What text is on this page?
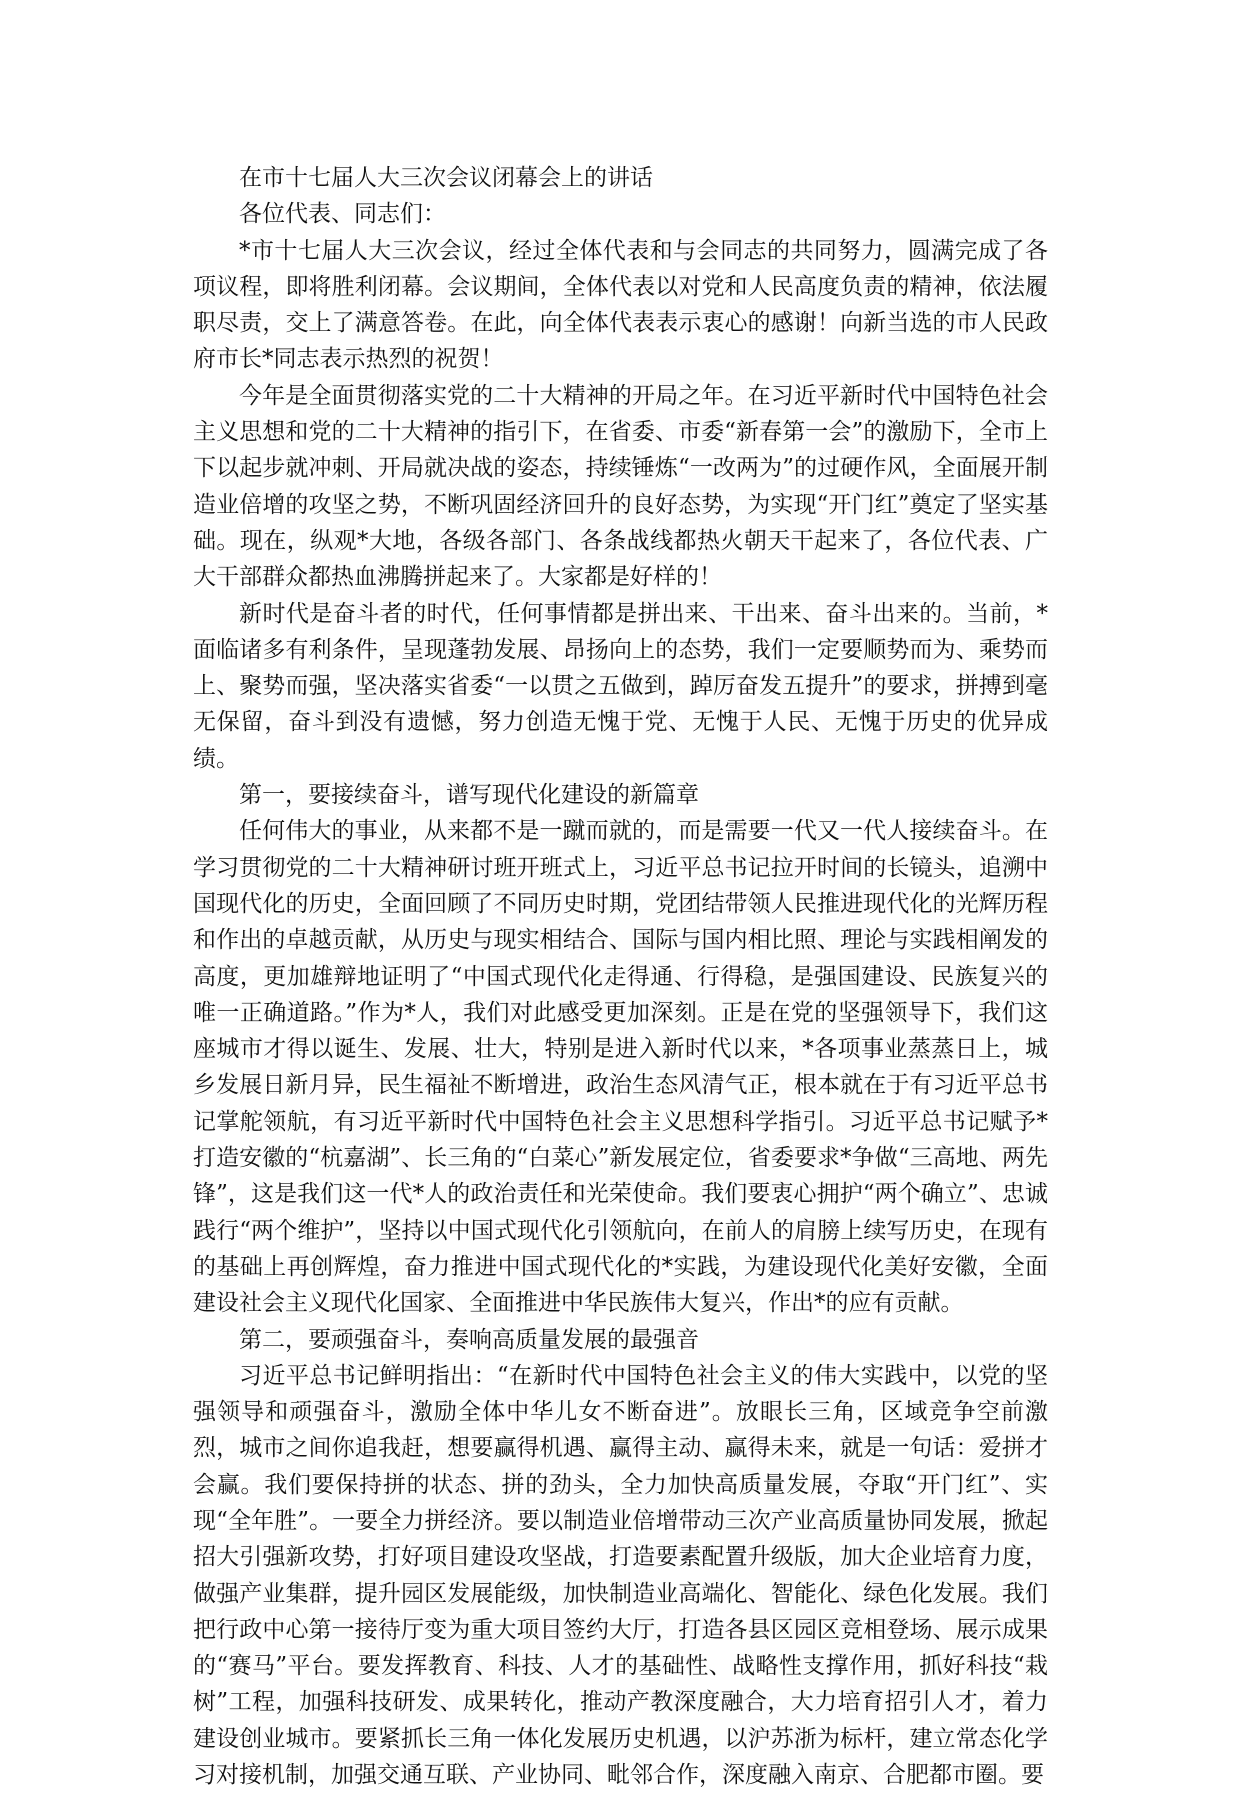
在市十七届人大三次会议闭幕会上的讲话

各位代表、同志们：

*市十七届人大三次会议，经过全体代表和与会同志的共同努力，圆满完成了各项议程，即将胜利闭幕。会议期间，全体代表以对党和人民高度负责的精神，依法履职尽责，交上了满意答卷。在此，向全体代表表示衷心的感谢！向新当选的市人民政府市长*同志表示热烈的祝贺！

今年是全面贯彻落实党的二十大精神的开局之年。在习近平新时代中国特色社会主义思想和党的二十大精神的指引下，在省委、市委“新春第一会”的激励下，全市上下以起步就冲刺、开局就决战的姿态，持续锤炼“一改两为”的过硬作风，全面展开制造业倍增的攻坚之势，不断巩固经济回升的良好态势，为实现“开门红”奠定了坚实基础。现在，纵观*大地，各级各部门、各条战线都热火朝天干起来了，各位代表、广大干部群众都热血沸腾拼起来了。大家都是好样的！

新时代是奋斗者的时代，任何事情都是拼出来、干出来、奋斗出来的。当前，*面临诸多有利条件，呈现蓬勃发展、昂扬向上的态势，我们一定要顺势而为、乘势而上、聚势而强，坚决落实省委“一以贯之五做到，踔厉奋发五提升”的要求，拼搏到毫无保留，奋斗到没有遗憾，努力创造无愧于党、无愧于人民、无愧于历史的优异成绩。

第一，要接续奋斗，谱写现代化建设的新篇章

任何伟大的事业，从来都不是一蹴而就的，而是需要一代又一代人接续奋斗。在学习贯彻党的二十大精神研讨班开班式上，习近平总书记拉开时间的长镜头，追溯中国现代化的历史，全面回顾了不同历史时期，党团结带领人民推进现代化的光辉历程和作出的卓越贡献，从历史与现实相结合、国际与国内相比照、理论与实践相阐发的高度，更加雄辩地证明了“中国式现代化走得通、行得稳，是强国建设、民族复兴的唯一正确道路。”作为*人，我们对此感受更加深刻。正是在党的坚强领导下，我们这座城市才得以诞生、发展、壮大，特别是进入新时代以来，*各项事业蒸蒸日上，城乡发展日新月异，民生福祉不断增进，政治生态风清气正，根本就在于有习近平总书记掌舵领航，有习近平新时代中国特色社会主义思想科学指引。习近平总书记赋予*打造安徽的“杭嘉湖”、长三角的“白菜心”新发展定位，省委要求*争做“三高地、两先锋”，这是我们这一代*人的政治责任和光荣使命。我们要衷心拥护“两个确立”、忠诚践行“两个维护”，坚持以中国式现代化引领航向，在前人的肩膀上续写历史，在现有的基础上再创辉煌，奋力推进中国式现代化的*实践，为建设现代化美好安徽，全面建设社会主义现代化国家、全面推进中华民族伟大复兴，作出*的应有贡献。

第二，要顽强奋斗，奏响高质量发展的最强音

习近平总书记鲜明指出：“在新时代中国特色社会主义的伟大实践中，以党的坚强领导和顽强奋斗，激励全体中华儿女不断奋进”。放眼长三角，区域竞争空前激烈，城市之间你追我赶，想要赢得机遇、赢得主动、赢得未来，就是一句话：爱拼才会赢。我们要保持拼的状态、拼的劲头，全力加快高质量发展，夺取“开门红”、实现“全年胜”。一要全力拼经济。要以制造业倍增带动三次产业高质量协同发展，掀起招大引强新攻势，打好项目建设攻坚战，打造要素配置升级版，加大企业培育力度，做强产业集群，提升园区发展能级，加快制造业高端化、智能化、绿色化发展。我们把行政中心第一接待厅变为重大项目签约大厅，打造各县区园区竞相登场、展示成果的“赛马”平台。要发挥教育、科技、人才的基础性、战略性支撑作用，抓好科技“栽树”工程，加强科技研发、成果转化，推动产教深度融合，大力培育招引人才，着力建设创业城市。要紧抓长三角一体化发展历史机遇，以沪苏浙为标杆，建立常态化学习对接机制，加强交通互联、产业协同、毗邻合作，深度融入南京、合肥都市圈。要
